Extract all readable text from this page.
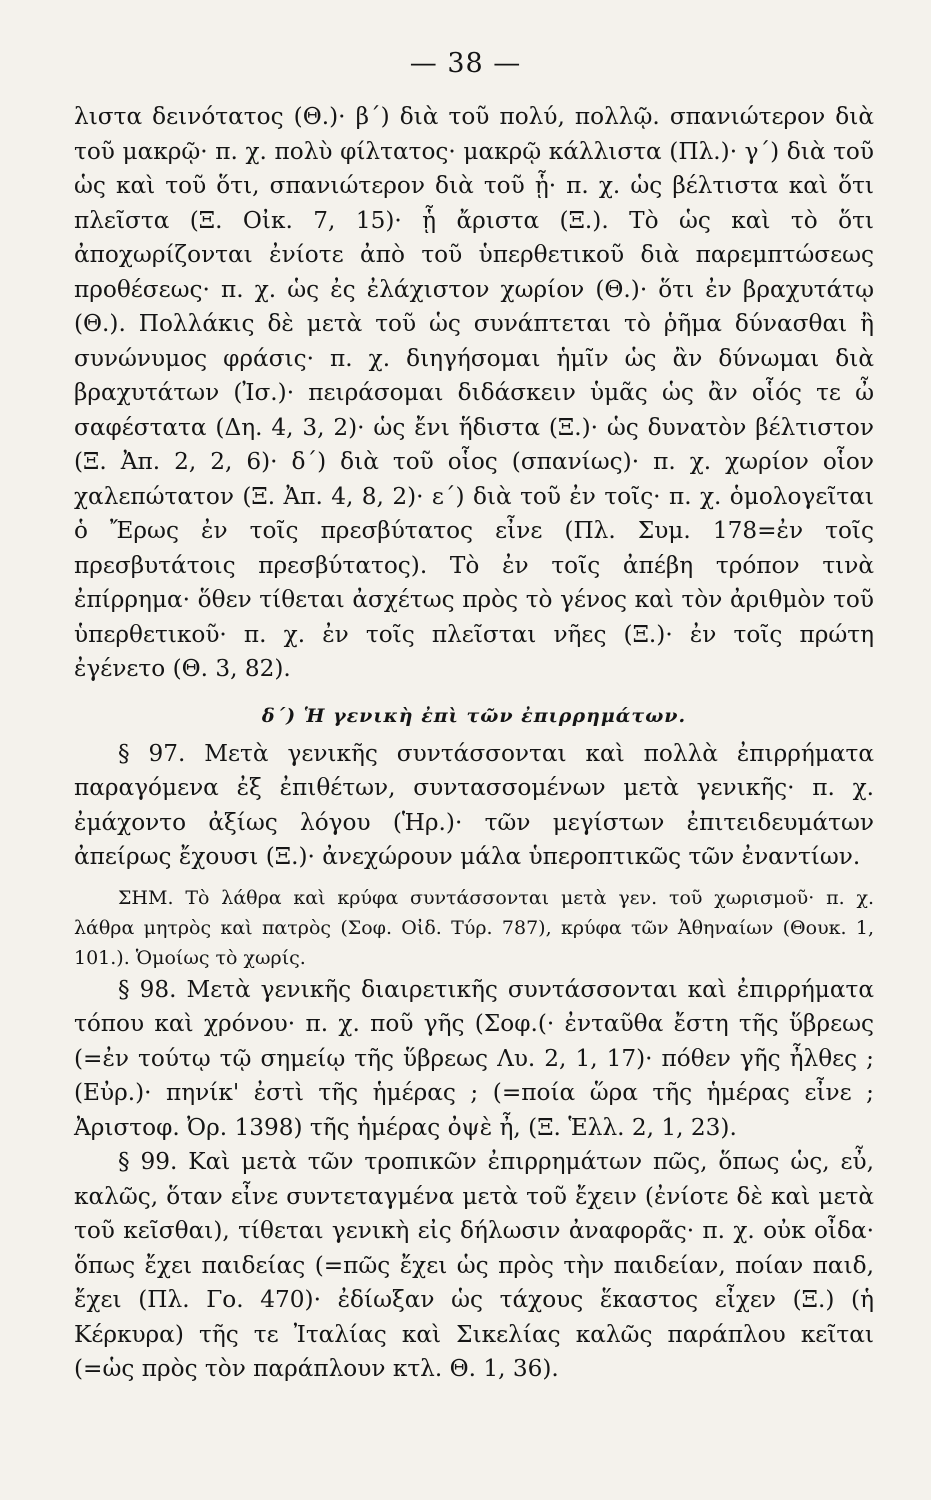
— 38 —

λιστα δεινότατος (Θ.)· β΄) διὰ τοῦ πολύ, πολλῷ. σπανιώτερον διὰ τοῦ μακρῷ· π. χ. πολὺ φίλτατος· μακρῷ κάλλιστα (Πλ.)· γ΄) διὰ τοῦ ὡς καὶ τοῦ ὅτι, σπανιώτερον διὰ τοῦ ᾗ· π. χ. ὡς βέλτιστα καὶ ὅτι πλεῖστα (Ξ. Οἰκ. 7, 15)· ᾗ ἄριστα (Ξ.). Τὸ ὡς καὶ τὸ ὅτι ἀποχωρίζονται ἐνίοτε ἀπὸ τοῦ ὑπερθετικοῦ διὰ παρεμπτώσεως προθέσεως· π. χ. ὡς ἐς ἐλάχιστον χωρίον (Θ.)· ὅτι ἐν βραχυτάτῳ (Θ.). Πολλάκις δὲ μετὰ τοῦ ὡς συνάπτεται τὸ ῥῆμα δύνασθαι ἢ συνώνυμος φράσις· π. χ. διηγήσομαι ἡμῖν ὡς ἂν δύνωμαι διὰ βραχυτάτων (Ἰσ.)· πειράσομαι διδάσκειν ὑμᾶς ὡς ἂν οἷός τε ὦ σαφέστατα (Δη. 4, 3, 2)· ὡς ἔνι ἥδιστα (Ξ.)· ὡς δυνατὸν βέλτιστον (Ξ. Ἀπ. 2, 2, 6)· δ΄) διὰ τοῦ οἷος (σπανίως)· π. χ. χωρίον οἷον χαλεπώτατον (Ξ. Ἀπ. 4, 8, 2)· ε΄) διὰ τοῦ ἐν τοῖς· π. χ. ὁμολογεῖται ὁ Ἔρως ἐν τοῖς πρεσβύτατος εἶνε (Πλ. Συμ. 178=ἐν τοῖς πρεσβυτάτοις πρεσβύτατος). Τὸ ἐν τοῖς ἀπέβη τρόπον τινὰ ἐπίρρημα· ὅθεν τίθεται ἀσχέτως πρὸς τὸ γένος καὶ τὸν ἀριθμὸν τοῦ ὑπερθετικοῦ· π. χ. ἐν τοῖς πλεῖσται νῆες (Ξ.)· ἐν τοῖς πρώτη ἐγένετο (Θ. 3, 82).

δ΄) Ἡ γενικὴ ἐπὶ τῶν ἐπιρρημάτων.

§ 97. Μετὰ γενικῆς συντάσσονται καὶ πολλὰ ἐπιρρήματα παραγόμενα ἐξ ἐπιθέτων, συντασσομένων μετὰ γενικῆς· π. χ. ἐμάχοντο ἀξίως λόγου (Ἡρ.)· τῶν μεγίστων ἐπιτειδευμάτων ἀπείρως ἔχουσι (Ξ.)· ἀνεχώρουν μάλα ὑπεροπτικῶς τῶν ἐναντίων.

ΣΗΜ. Τὸ λάθρα καὶ κρύφα συντάσσονται μετὰ γεν. τοῦ χωρισμοῦ· π. χ. λάθρα μητρὸς καὶ πατρὸς (Σοφ. Οἰδ. Τύρ. 787), κρύφα τῶν Ἀθηναίων (Θουκ. 1, 101.). Ὁμοίως τὸ χωρίς.

§ 98. Μετὰ γενικῆς διαιρετικῆς συντάσσονται καὶ ἐπιρρήματα τόπου καὶ χρόνου· π. χ. ποῦ γῆς (Σοφ.(· ἐνταῦθα ἔστη τῆς ὕβρεως (=ἐν τούτῳ τῷ σημείῳ τῆς ὕβρεως Λυ. 2, 1, 17)· πόθεν γῆς ἦλθες ; (Εὐρ.)· πηνίκ' ἐστὶ τῆς ἡμέρας ; (=ποία ὥρα τῆς ἡμέρας εἶνε ; Ἀριστοφ. Ὀρ. 1398) τῆς ἡμέρας ὀψὲ ἦ, (Ξ. Ἑλλ. 2, 1, 23).

§ 99. Καὶ μετὰ τῶν τροπικῶν ἐπιρρημάτων πῶς, ὅπως ὡς, εὖ, καλῶς, ὅταν εἶνε συντεταγμένα μετὰ τοῦ ἔχειν (ἐνίοτε δὲ καὶ μετὰ τοῦ κεῖσθαι), τίθεται γενικὴ εἰς δήλωσιν ἀναφορᾶς· π. χ. οὐκ οἶδα· ὅπως ἔχει παιδείας (=πῶς ἔχει ὡς πρὸς τὴν παιδείαν, ποίαν παιδ, ἔχει (Πλ. Γο. 470)· ἐδίωξαν ὡς τάχους ἕκαστος εἶχεν (Ξ.) (ἡ Κέρκυρα) τῆς τε Ἰταλίας καὶ Σικελίας καλῶς παράπλου κεῖται (=ὡς πρὸς τὸν παράπλουν κτλ. Θ. 1, 36).
